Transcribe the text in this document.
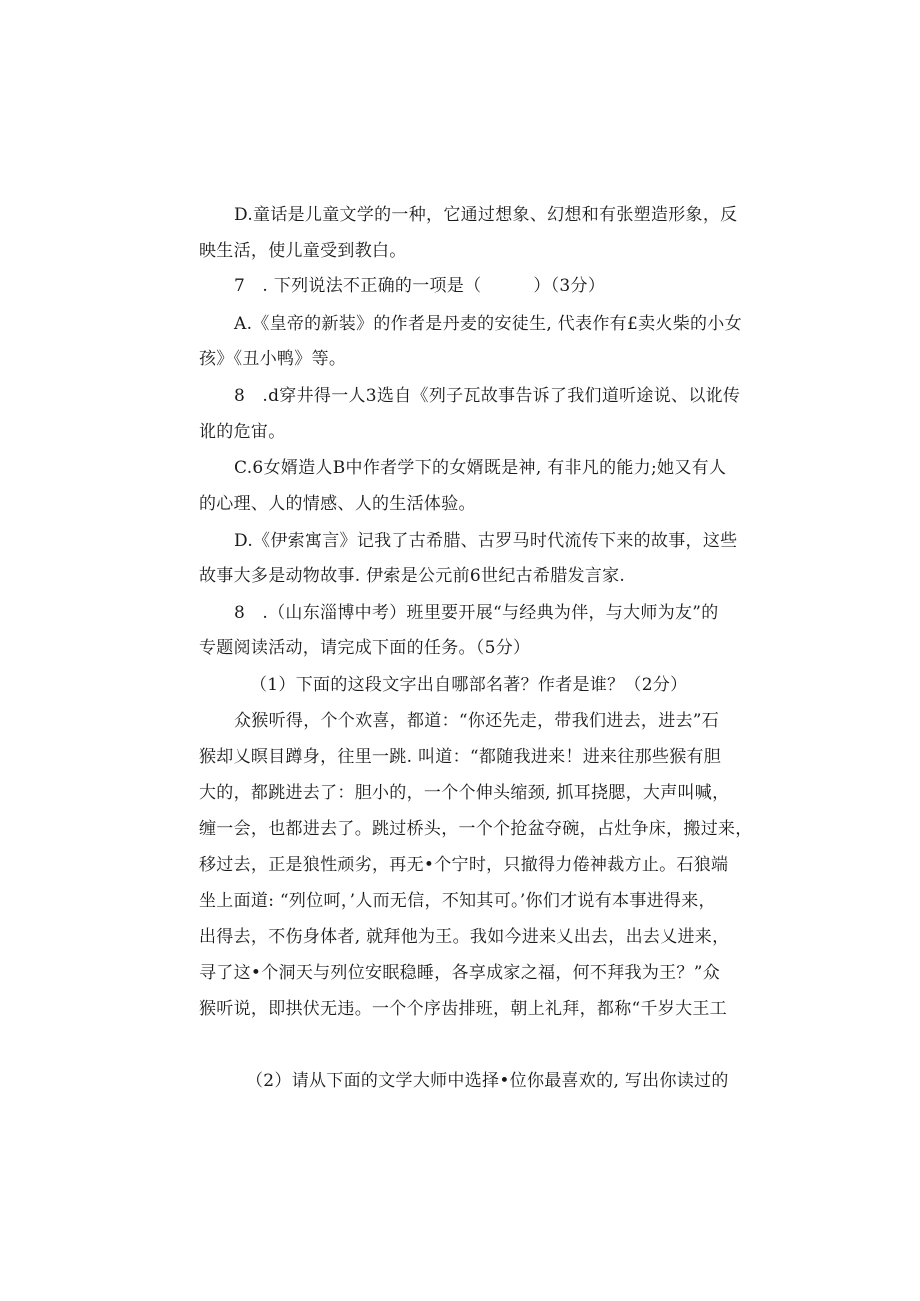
D.童话是儿童文学的一种，它通过想象、幻想和有张塑造形象，反
映生活，使儿童受到教白。
7　. 下列说法不正确的一项是（　　　）（3分）
A.《皇帝的新装》的作者是丹麦的安徒生, 代表作有£卖火柴的小女
孩》《丑小鸭》等。
8　.d穿井得一人3选自《列子瓦故事告诉了我们道听途说、以讹传
讹的危宙。
C.6女婿造人B中作者学下的女婿既是神, 有非凡的能力;她又有人
的心理、人的情感、人的生活体验。
D.《伊索寓言》记我了古希腊、古罗马时代流传下来的故事，这些
故事大多是动物故事. 伊索是公元前6世纪古希腊发言家.
8　.（山东淄博中考）班里要开展“与经典为伴，与大师为友”的
专题阅读活动，请完成下面的任务。（5分）
（1）下面的这段文字出自哪部名著？作者是谁？（2分）
众猴听得，个个欢喜，都道：“你还先走，带我们进去，进去”石
猴却乂暝目蹲身，往里一跳. 叫道：“都随我进来！进来往那些猴有胆
大的，都跳进去了：胆小的，一个个伸头缩颈, 抓耳挠腮，大声叫喊，
缠一会，也都进去了。跳过桥头，一个个抢盆夺碗，占灶争床，搬过来，
移过去，正是狼性顽劣，再无•个宁时，只撤得力倦神裁方止。石狼端
坐上面道: “列位呵，’人而无信，不知其可。’你们才说有本事进得来，
出得去，不伤身体者, 就拜他为王。我如今进来乂出去，出去乂进来，
寻了这•个洞天与列位安眠稳睡，各享成家之福，何不拜我为王？”众
猴听说，即拱伏无违。一个个序齿排班，朝上礼拜，都称“千岁大王工
（2）请从下面的文学大师中选择•位你最喜欢的, 写出你读过的
